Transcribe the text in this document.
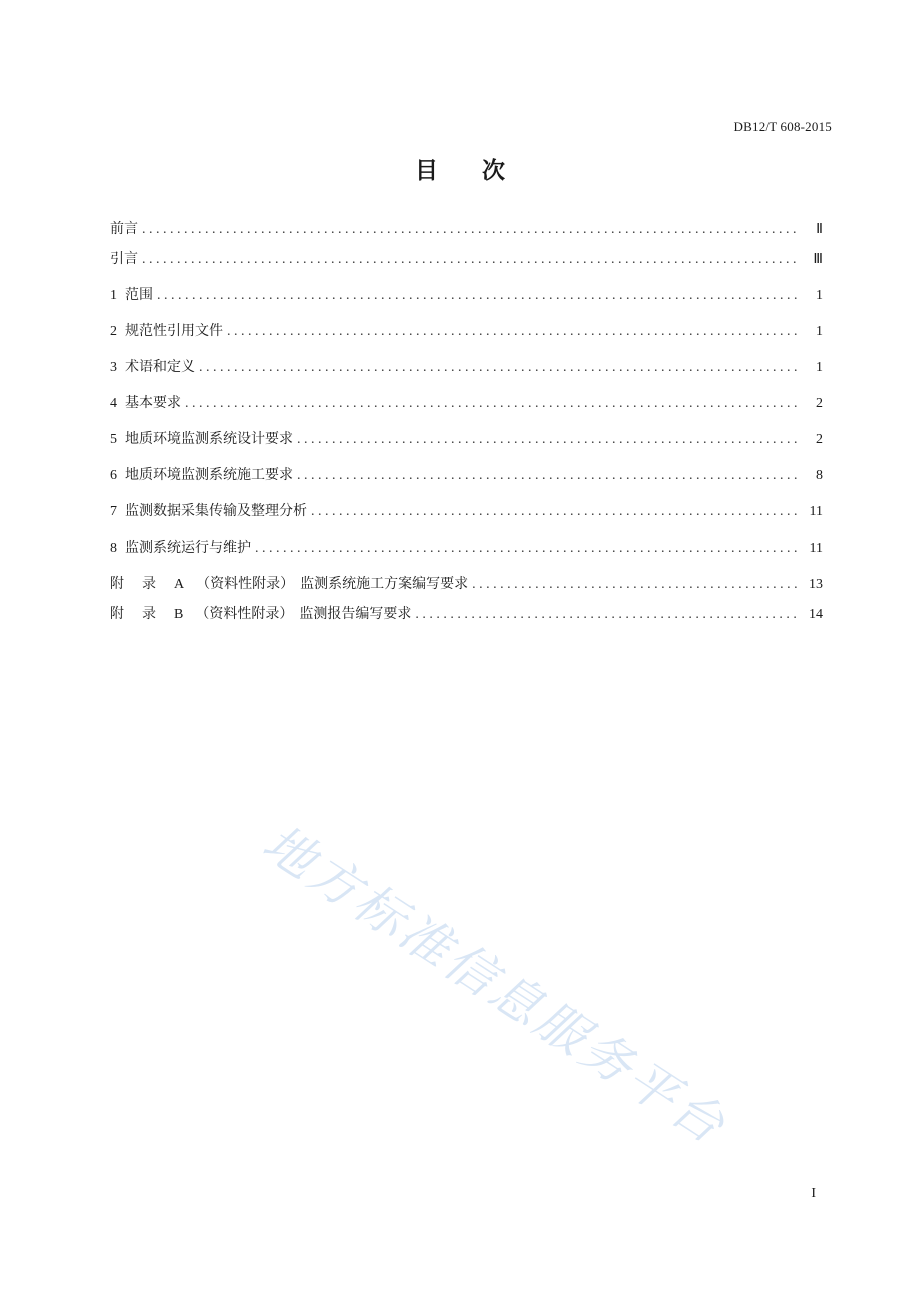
DB12/T 608-2015
目次
前言 . . .	Ⅱ
引言 . . .	Ⅲ
1 范围 . . .	1
2 规范性引用文件 . . .	1
3 术语和定义 . . .	1
4 基本要求 . . .	2
5 地质环境监测系统设计要求 . . .	2
6 地质环境监测系统施工要求 . . .	8
7 监测数据采集传输及整理分析 . . .	11
8 监测系统运行与维护 . . .	11
附 录 A （资料性附录） 监测系统施工方案编写要求 . . .	13
附 录 B （资料性附录） 监测报告编写要求 . . .	14
地方标准信息服务平台
I
